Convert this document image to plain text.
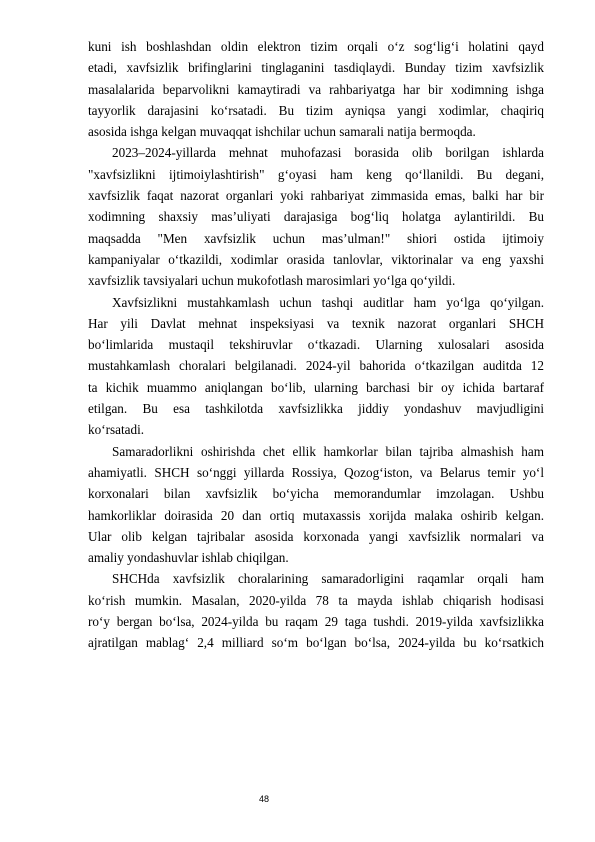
kuni ish boshlashdan oldin elektron tizim orqali o‘z sog‘lig‘i holatini qayd
etadi, xavfsizlik brifinglarini tinglaganini tasdiqlaydi. Bunday tizim xavfsizlik
masalalarida beparvolikni kamaytiradi va rahbariyatga har bir xodimning ishga
tayyorlik darajasini ko‘rsatadi. Bu tizim ayniqsa yangi xodimlar, chaqiriq
asosida ishga kelgan muvaqqat ishchilar uchun samarali natija bermoqda.
2023–2024-yillarda mehnat muhofazasi borasida olib borilgan ishlarda
"xavfsizlikni ijtimoiylashtirish" g‘oyasi ham keng qo‘llanildi. Bu degani,
xavfsizlik faqat nazorat organlari yoki rahbariyat zimmasida emas, balki har bir
xodimning shaxsiy mas’uliyati darajasiga bog‘liq holatga aylantirildi. Bu
maqsadda "Men xavfsizlik uchun mas’ulman!" shiori ostida ijtimoiy
kampaniyalar o‘tkazildi, xodimlar orasida tanlovlar, viktorinalar va eng yaxshi
xavfsizlik tavsiyalari uchun mukofotlash marosimlari yo‘lga qo‘yildi.
Xavfsizlikni mustahkamlash uchun tashqi auditlar ham yo‘lga qo‘yilgan.
Har yili Davlat mehnat inspeksiyasi va texnik nazorat organlari SHCH
bo‘limlarida mustaqil tekshiruvlar o‘tkazadi. Ularning xulosalari asosida
mustahkamlash choralari belgilanadi. 2024-yil bahorida o‘tkazilgan auditda 12
ta kichik muammo aniqlangan bo‘lib, ularning barchasi bir oy ichida bartaraf
etilgan. Bu esa tashkilotda xavfsizlikka jiddiy yondashuv mavjudligini
ko‘rsatadi.
Samaradorlikni oshirishda chet ellik hamkorlar bilan tajriba almashish ham
ahamiyatli. SHCH so‘nggi yillarda Rossiya, Qozog‘iston, va Belarus temir yo‘l
korxonalari bilan xavfsizlik bo‘yicha memorandumlar imzolagan. Ushbu
hamkorliklar doirasida 20 dan ortiq mutaxassis xorijda malaka oshirib kelgan.
Ular olib kelgan tajribalar asosida korxonada yangi xavfsizlik normalari va
amaliy yondashuvlar ishlab chiqilgan.
SHCHda xavfsizlik choralarining samaradorligini raqamlar orqali ham
ko‘rish mumkin. Masalan, 2020-yilda 78 ta mayda ishlab chiqarish hodisasi
ro‘y bergan bo‘lsa, 2024-yilda bu raqam 29 taga tushdi. 2019-yilda xavfsizlikka
ajratilgan mablag‘ 2,4 milliard so‘m bo‘lgan bo‘lsa, 2024-yilda bu ko‘rsatkich
48
